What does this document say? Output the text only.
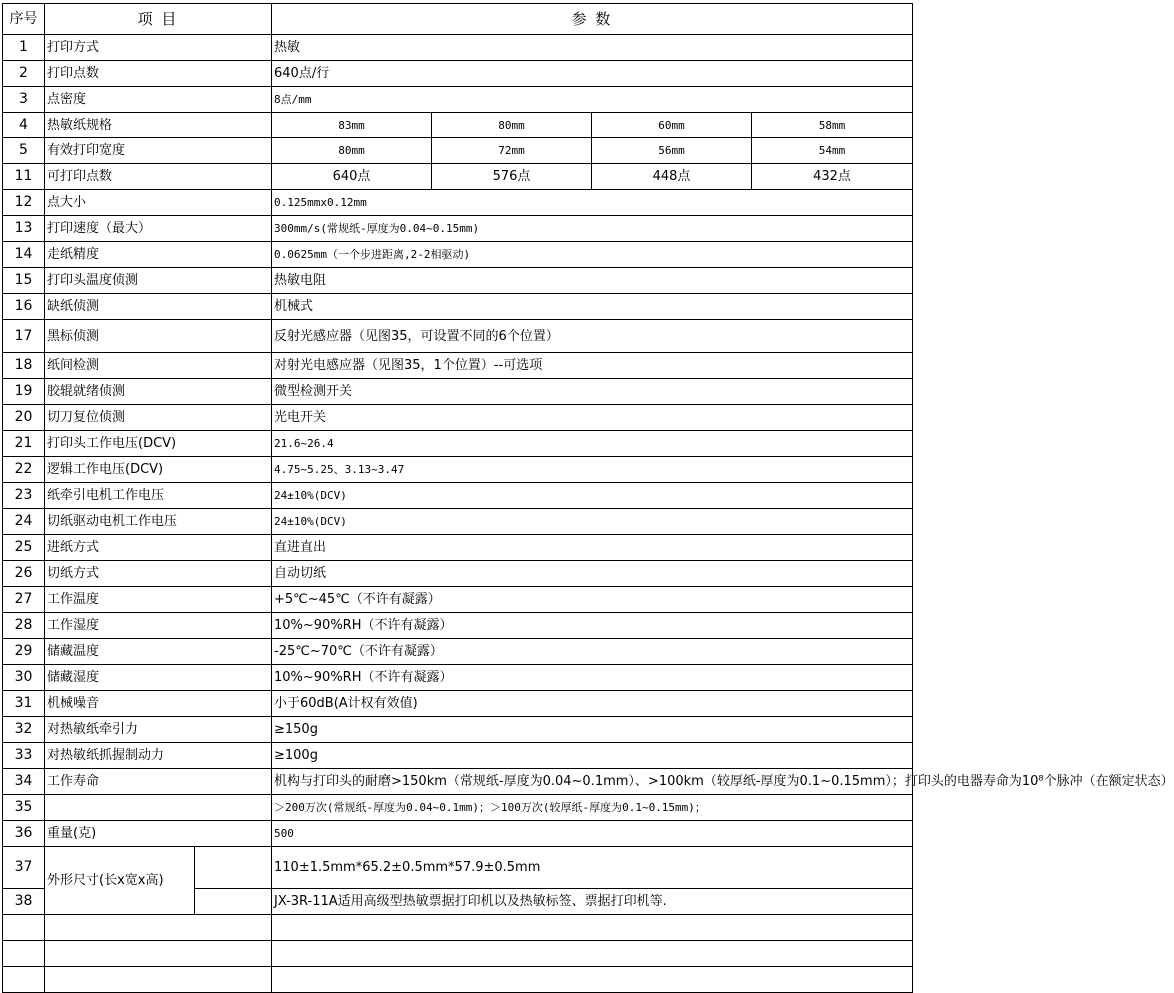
序号	项 目		参 数			
1	打印方式		热敏			
2	打印点数		640点/行			
3	点密度		8点/mm			
4	热敏纸规格		83mm	80mm	60mm	58mm
5	有效打印宽度		80mm	72mm	56mm	54mm
11	可打印点数		640点	576点	448点	432点
12	点大小		0.125mmx0.12mm			
13	打印速度（最大）		300mm/s(常规纸-厚度为0.04~0.15mm)			
14	走纸精度		0.0625mm（一个步进距离,2-2相驱动)			
15	打印头温度侦测		热敏电阻			
16	缺纸侦测		机械式			
17	黑标侦测		反射光感应器（见图35，可设置不同的6个位置）			
18	纸间检测		对射光电感应器（见图35，1个位置）--可选项			
19	胶辊就绪侦测		微型检测开关			
20	切刀复位侦测		光电开关			
21	打印头工作电压(DCV)		21.6~26.4			
22	逻辑工作电压(DCV)		4.75~5.25、3.13~3.47			
23	纸牵引电机工作电压		24±10%(DCV)			
24	切纸驱动电机工作电压		24±10%(DCV)			
25	进纸方式		直进直出			
26	切纸方式		自动切纸			
27	工作温度		+5℃~45℃（不许有凝露）			
28	工作湿度		10%~90%RH（不许有凝露）			
29	储藏温度		-25℃~70℃（不许有凝露）			
30	储藏湿度		10%~90%RH（不许有凝露）			
31	机械噪音		小于60dB(A计权有效值)			
32	对热敏纸牵引力		≥150g			
33	对热敏纸抓握制动力		≥100g			
34	工作寿命		机构与打印头的耐磨>150km（常规纸-厚度为0.04~0.1mm）、>100km（较厚纸-厚度为0.1~0.15mm）；打印头的电器寿命为10⁸个脉冲（在额定状态）			
35			＞200万次(常规纸-厚度为0.04~0.1mm)；＞100万次(较厚纸-厚度为0.1~0.15mm)；			
36	重量(克)		500			
37	外形尺寸(长x宽x高)		110±1.5mm*65.2±0.5mm*57.9±0.5mm			
38			JX-3R-11A适用高级型热敏票据打印机以及热敏标签、票据打印机等.			
